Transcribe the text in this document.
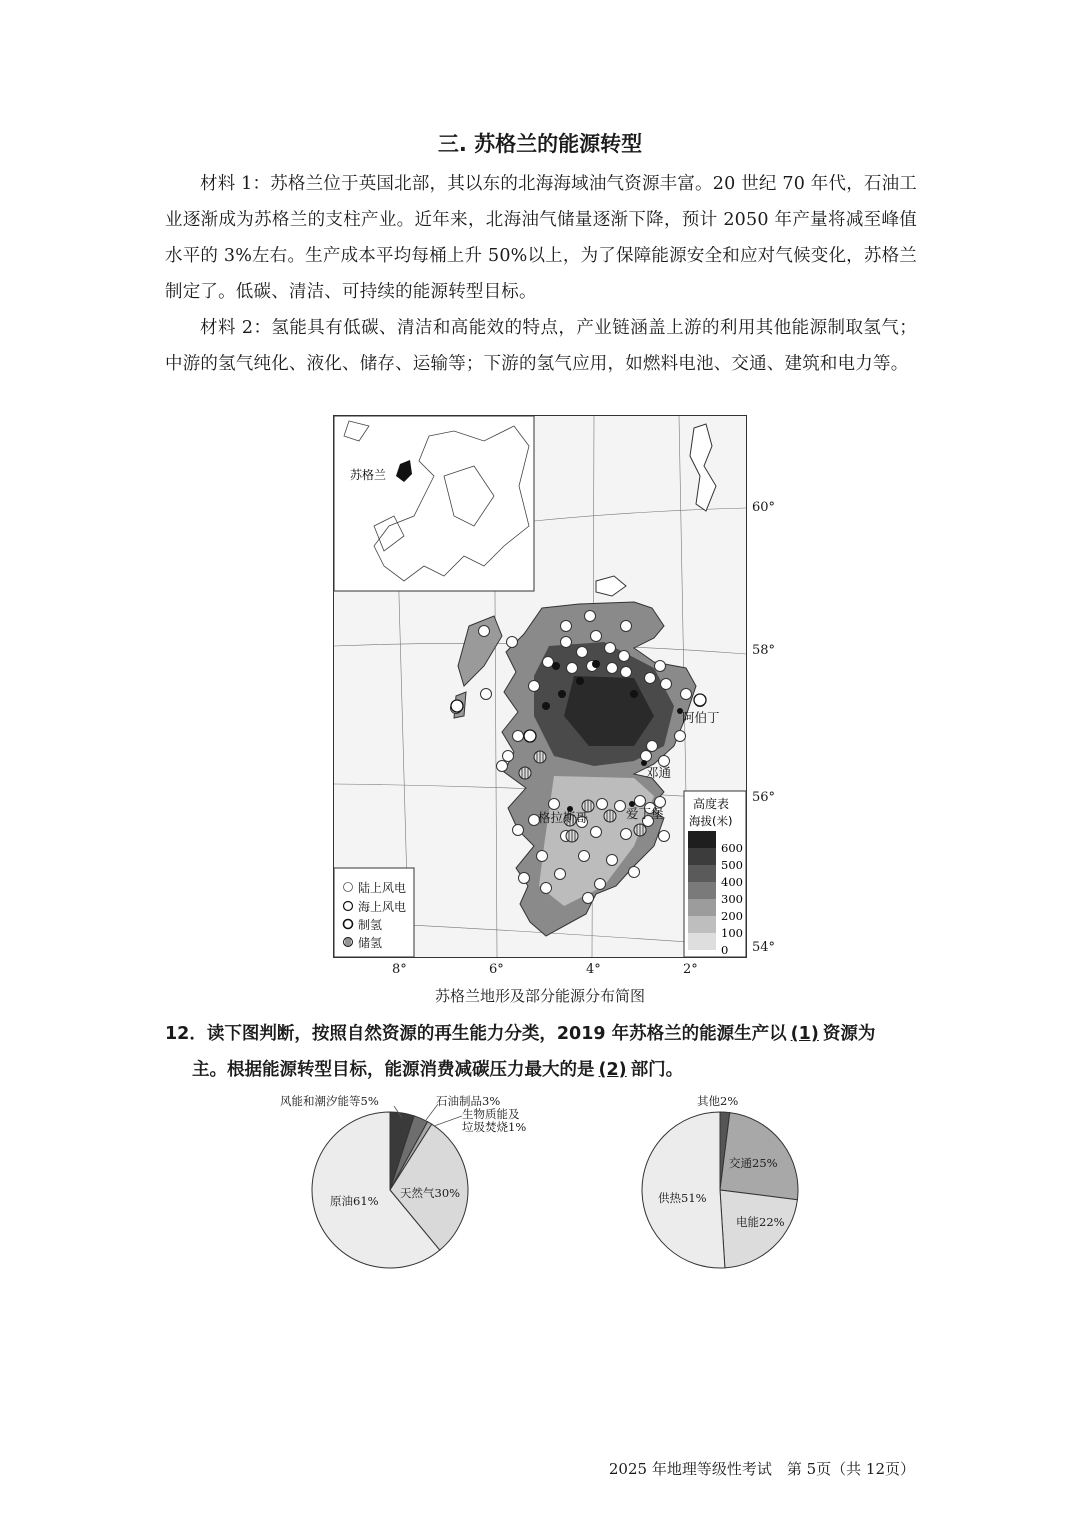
三. 苏格兰的能源转型
材料 1：苏格兰位于英国北部，其以东的北海海域油气资源丰富。20 世纪 70 年代，石油工业逐渐成为苏格兰的支柱产业。近年来，北海油气储量逐渐下降，预计 2050 年产量将减至峰值水平的 3%左右。生产成本平均每桶上升 50%以上，为了保障能源安全和应对气候变化，苏格兰制定了。低碳、清洁、可持续的能源转型目标。
材料 2：氢能具有低碳、清洁和高能效的特点，产业链涵盖上游的利用其他能源制取氢气；中游的氢气纯化、液化、储存、运输等；下游的氢气应用，如燃料电池、交通、建筑和电力等。
苏格兰
阿伯丁
邓通
格拉斯哥	爱丁堡
陆上风电
海上风电
制氢
储氢
高度表
海拔(米)
600
500
400
300
200
100
0
60°
58°
56°
54°
8°	6°	4°	2°
苏格兰地形及部分能源分布简图
12．读下图判断，按照自然资源的再生能力分类，2019 年苏格兰的能源生产以 (1) 资源为
主。根据能源转型目标，能源消费减碳压力最大的是 (2) 部门。
风能和潮汐能等5%	石油制品3%
生物质能及垃圾焚烧1%
天然气30%
原油61%
其他2%
交通25%
电能22%
供热51%
2025 年地理等级性考试　第 5页（共 12页）
